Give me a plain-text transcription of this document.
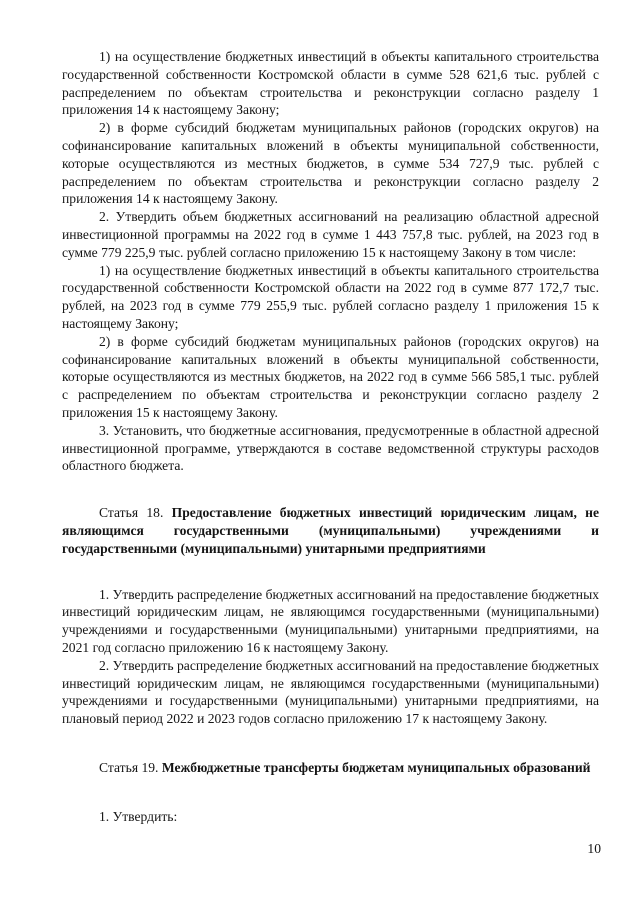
1) на осуществление бюджетных инвестиций в объекты капитального строительства государственной собственности Костромской области в сумме 528 621,6 тыс. рублей с распределением по объектам строительства и реконструкции согласно разделу 1 приложения 14 к настоящему Закону;

2) в форме субсидий бюджетам муниципальных районов (городских округов) на софинансирование капитальных вложений в объекты муниципальной собственности, которые осуществляются из местных бюджетов, в сумме 534 727,9 тыс. рублей с распределением по объектам строительства и реконструкции согласно разделу 2 приложения 14 к настоящему Закону.

2. Утвердить объем бюджетных ассигнований на реализацию областной адресной инвестиционной программы на 2022 год в сумме 1 443 757,8 тыс. рублей, на 2023 год в сумме 779 225,9 тыс. рублей согласно приложению 15 к настоящему Закону в том числе:

1) на осуществление бюджетных инвестиций в объекты капитального строительства государственной собственности Костромской области на 2022 год в сумме 877 172,7 тыс. рублей, на 2023 год в сумме 779 255,9 тыс. рублей согласно разделу 1 приложения 15 к настоящему Закону;

2) в форме субсидий бюджетам муниципальных районов (городских округов) на софинансирование капитальных вложений в объекты муниципальной собственности, которые осуществляются из местных бюджетов, на 2022 год в сумме 566 585,1 тыс. рублей с распределением по объектам строительства и реконструкции согласно разделу 2 приложения 15 к настоящему Закону.

3. Установить, что бюджетные ассигнования, предусмотренные в областной адресной инвестиционной программе, утверждаются в составе ведомственной структуры расходов областного бюджета.

Статья 18. Предоставление бюджетных инвестиций юридическим лицам, не являющимся государственными (муниципальными) учреждениями и государственными (муниципальными) унитарными предприятиями

1. Утвердить распределение бюджетных ассигнований на предоставление бюджетных инвестиций юридическим лицам, не являющимся государственными (муниципальными) учреждениями и государственными (муниципальными) унитарными предприятиями, на 2021 год согласно приложению 16 к настоящему Закону.

2. Утвердить распределение бюджетных ассигнований на предоставление бюджетных инвестиций юридическим лицам, не являющимся государственными (муниципальными) учреждениями и государственными (муниципальными) унитарными предприятиями, на плановый период 2022 и 2023 годов согласно приложению 17 к настоящему Закону.

Статья 19. Межбюджетные трансферты бюджетам муниципальных образований

1. Утвердить:

10
